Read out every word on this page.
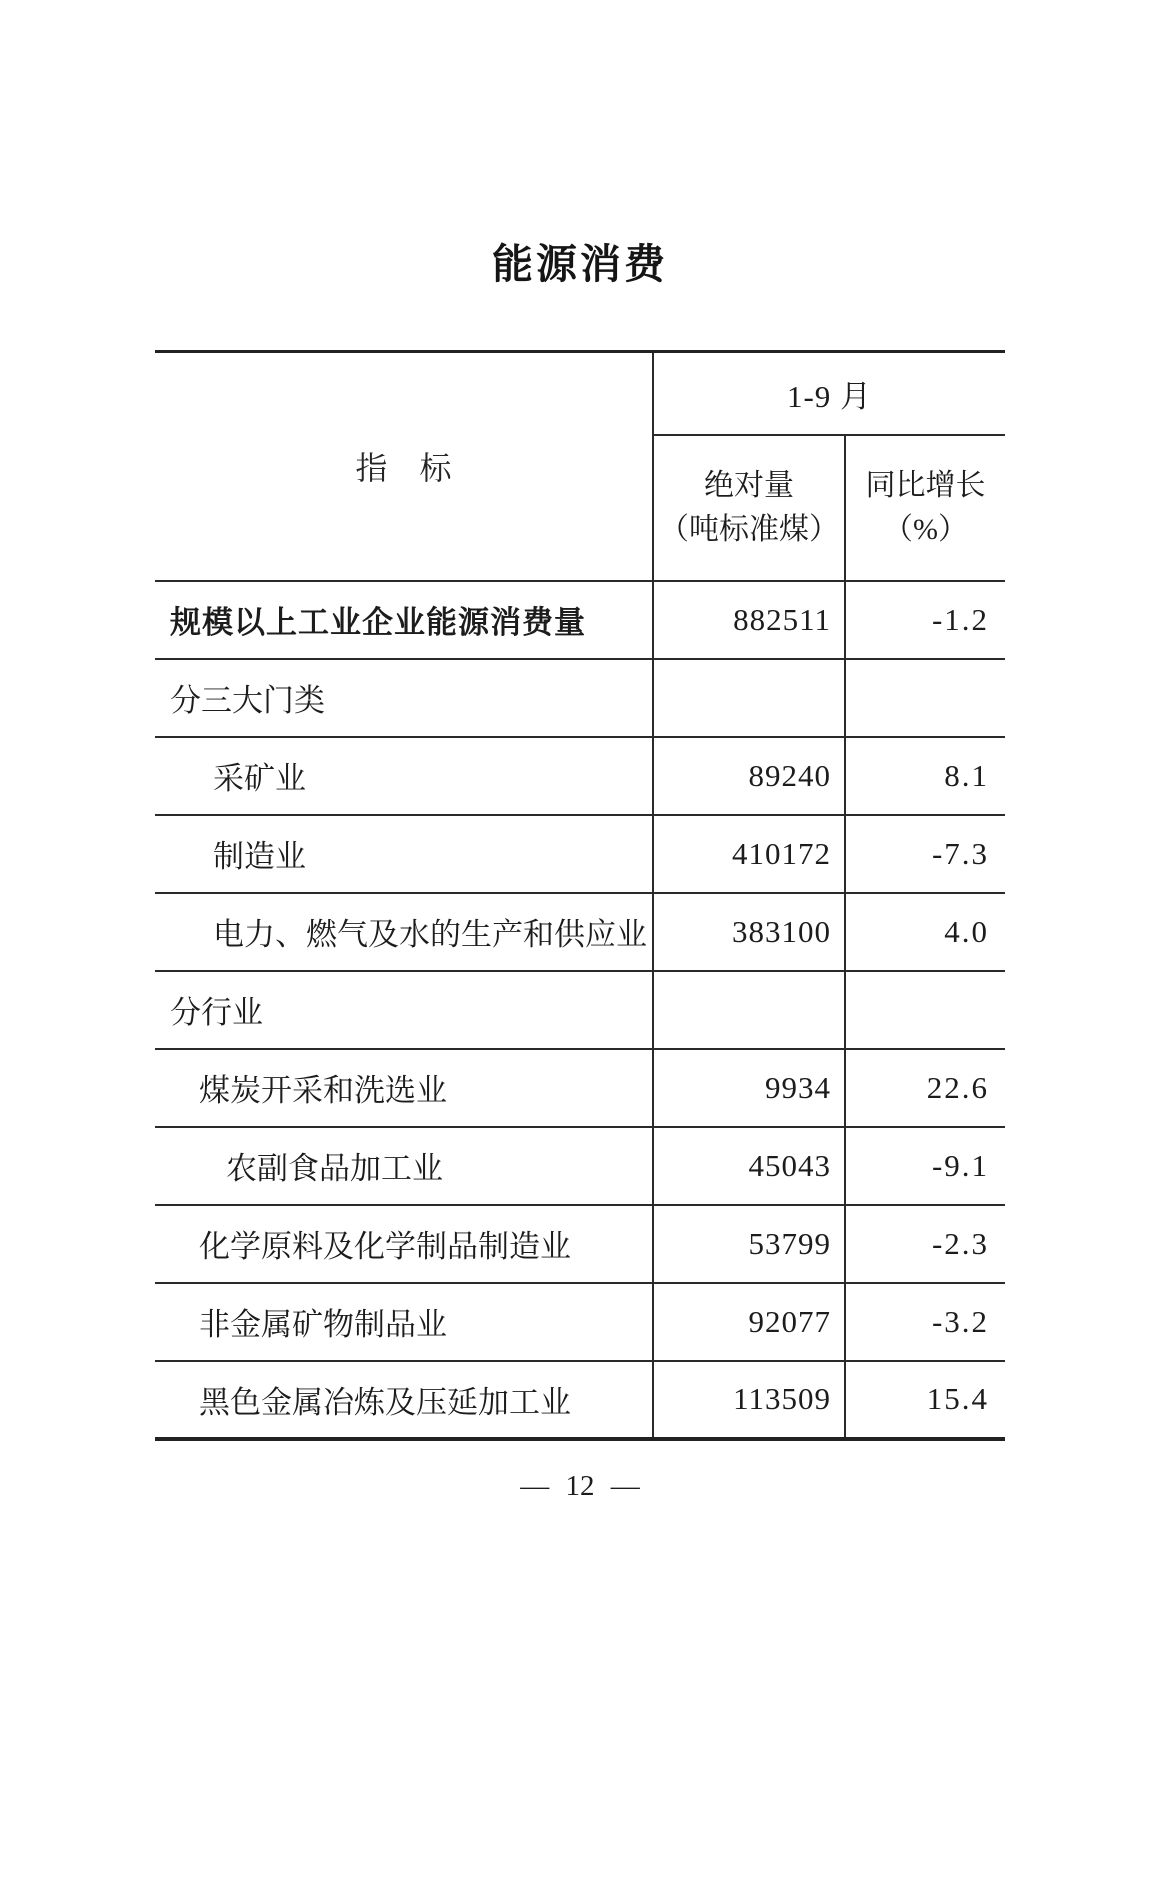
能源消费
指　标	1-9 月	

绝对量
（吨标准煤）

同比增长
（%）

规模以上工业企业能源消费量	882511	-1.2
分三大门类		
采矿业	89240	8.1
制造业	410172	-7.3
电力、燃气及水的生产和供应业	383100	4.0
分行业		
煤炭开采和洗选业	9934	22.6
农副食品加工业	45043	-9.1
化学原料及化学制品制造业	53799	-2.3
非金属矿物制品业	92077	-3.2
黑色金属冶炼及压延加工业	113509	15.4
— 12 —
